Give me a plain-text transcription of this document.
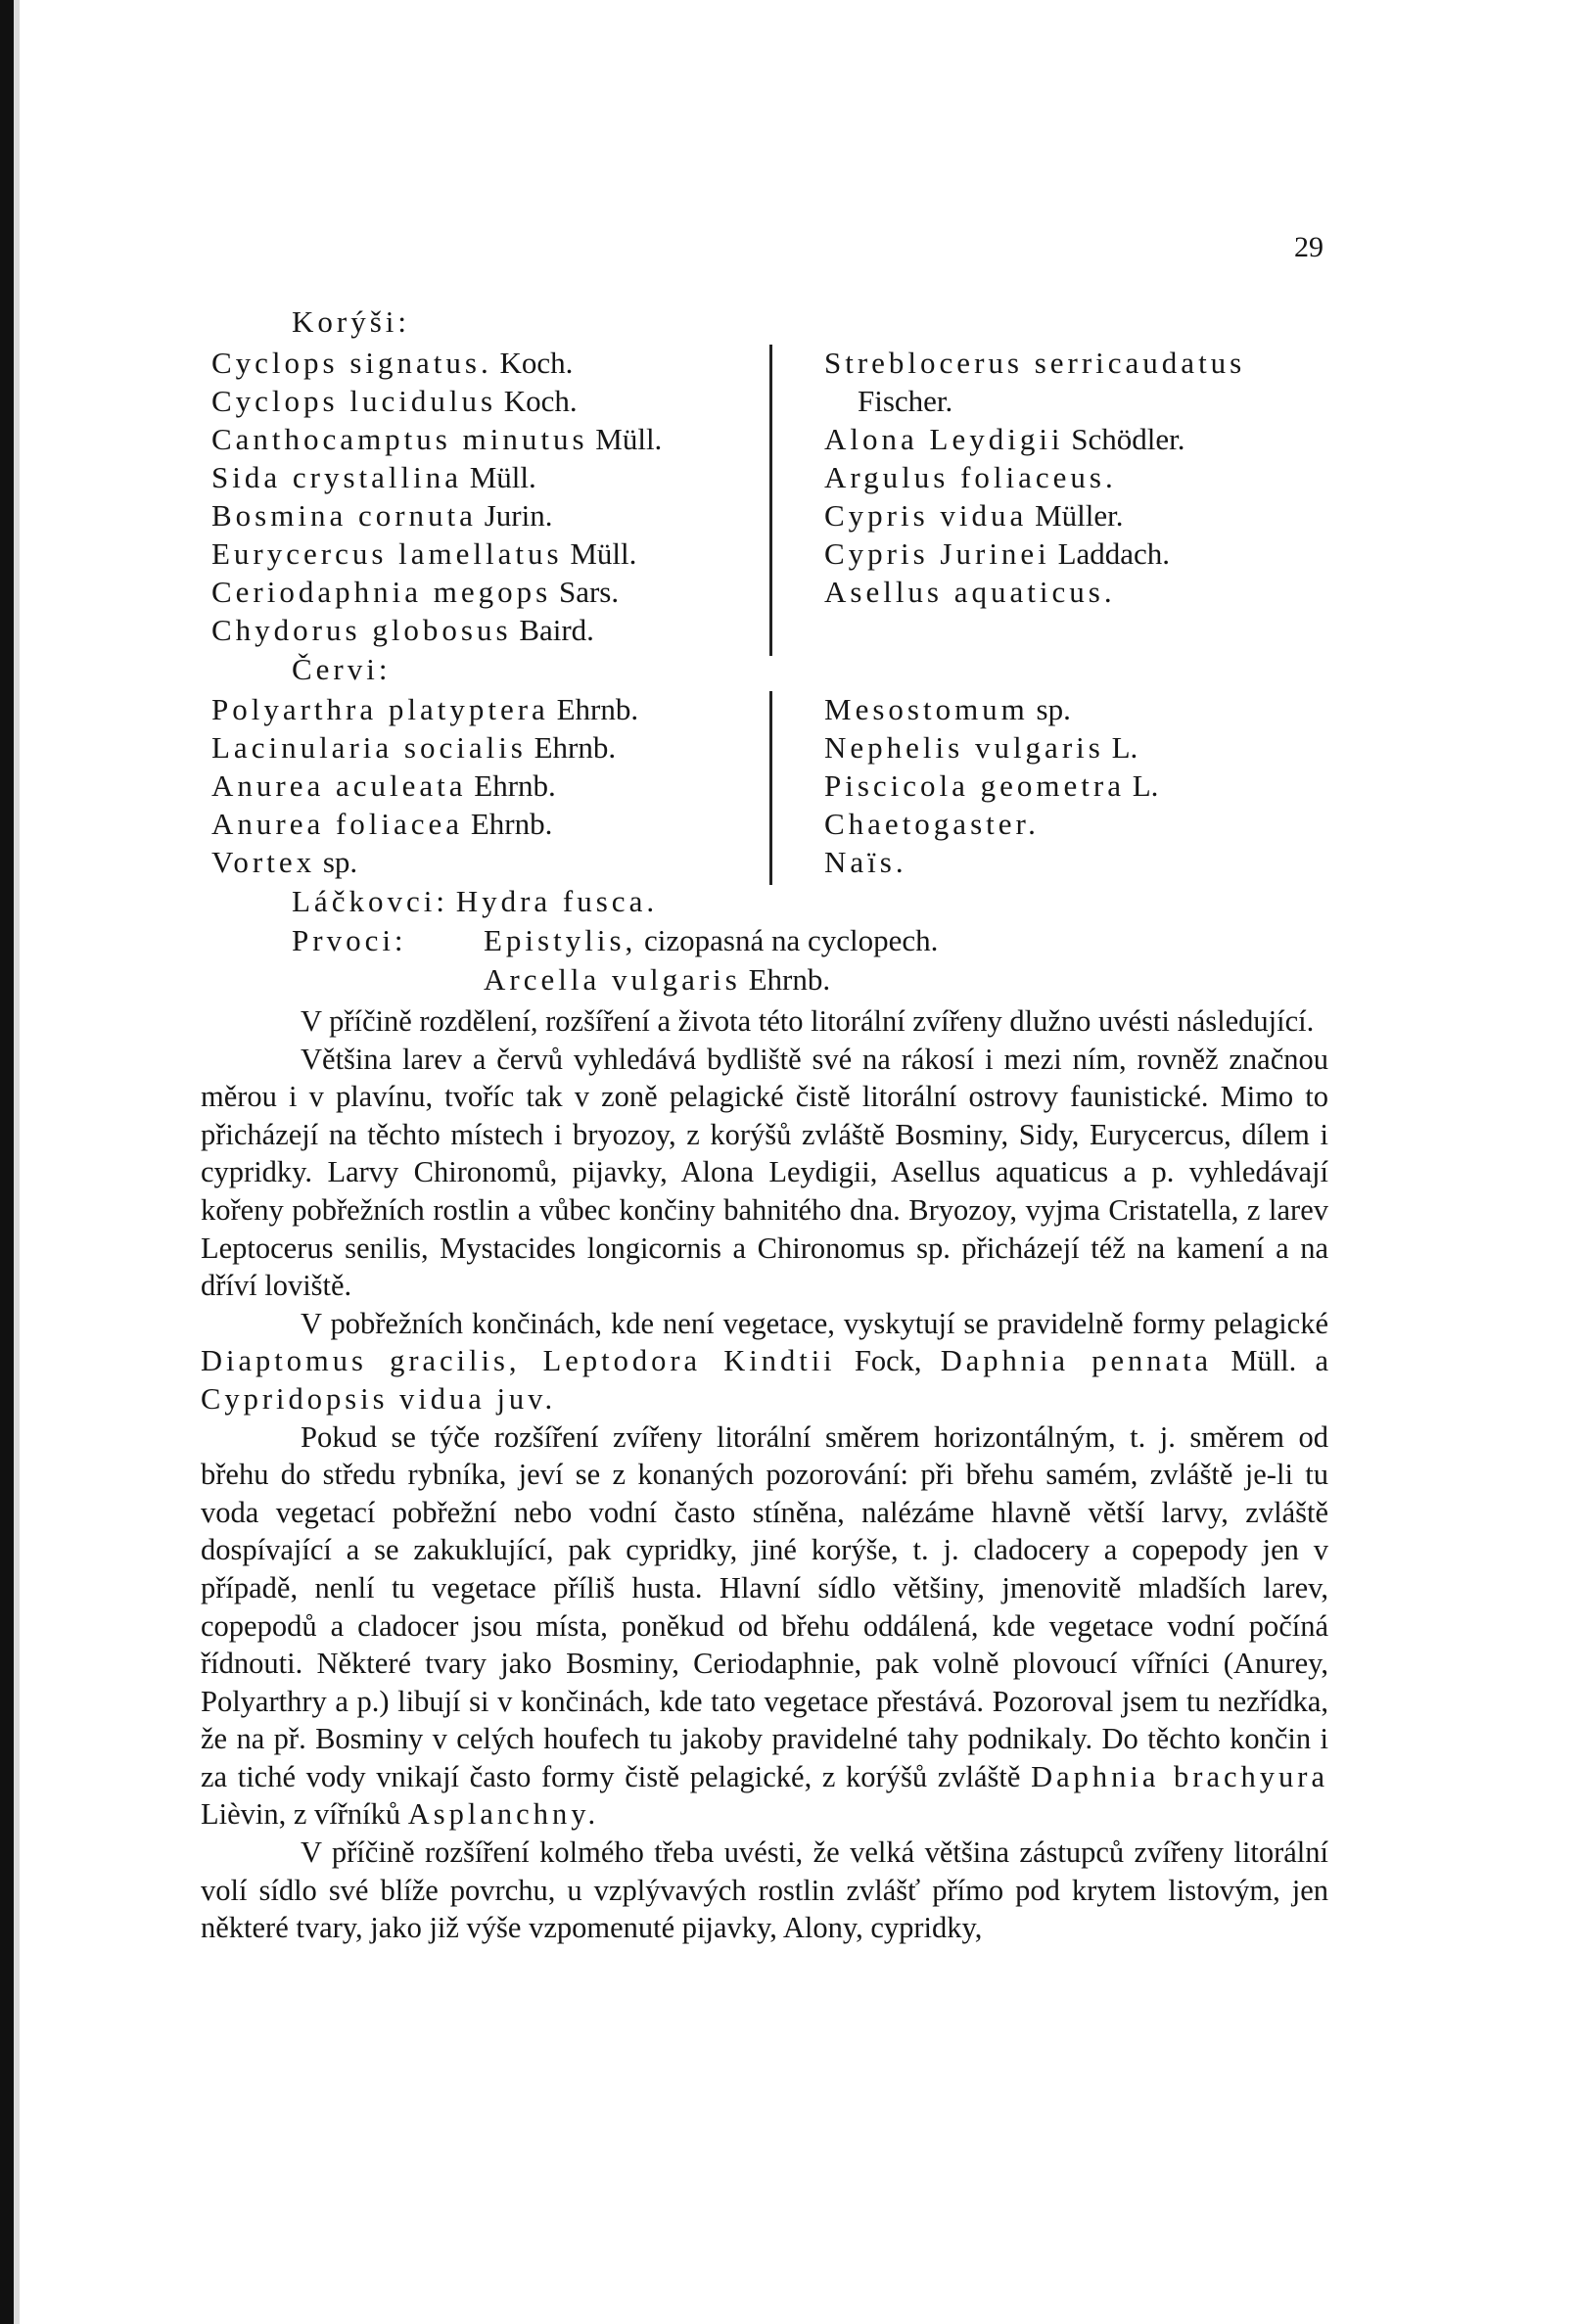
29
Korýši:
Cyclops signatus. Koch.
Cyclops lucidulus Koch.
Canthocamptus minutus Müll.
Sida crystallina Müll.
Bosmina cornuta Jurin.
Eurycercus lamellatus Müll.
Ceriodaphnia megops Sars.
Chydorus globosus Baird.
Streblocerus serricaudatus
Fischer.
Alona Leydigii Schödler.
Argulus foliaceus.
Cypris vidua Müller.
Cypris Jurinei Laddach.
Asellus aquaticus.
Červi:
Polyarthra platyptera Ehrnb.
Lacinularia socialis Ehrnb.
Anurea aculeata Ehrnb.
Anurea foliacea Ehrnb.
Vortex sp.
Mesostomum sp.
Nephelis vulgaris L.
Piscicola geometra L.
Chaetogaster.
Naïs.
Láčkovci: Hydra fusca.
Prvoci:	Epistylis, cizopasná na cyclopech.
Arcella vulgaris Ehrnb.

V příčině rozdělení, rozšíření a života této litorální zvířeny dlužno uvésti následující.

Většina larev a červů vyhledává bydliště své na rákosí i mezi ním, rovněž značnou měrou i v plavínu, tvoříc tak v zoně pelagické čistě litorální ostrovy faunistické. Mimo to přicházejí na těchto místech i bryozoy, z korýšů zvláště Bosminy, Sidy, Eurycercus, dílem i cypridky. Larvy Chironomů, pijavky, Alona Leydigii, Asellus aquaticus a p. vyhledávají kořeny pobřežních rostlin a vůbec končiny bahnitého dna. Bryozoy, vyjma Cristatella, z larev Leptocerus senilis, Mystacides longicornis a Chironomus sp. přicházejí též na kamení a na dříví loviště.

V pobřežních končinách, kde není vegetace, vyskytují se pravidelně formy pelagické Diaptomus gracilis, Leptodora Kindtii Fock, Daphnia pennata Müll. a Cypridopsis vidua juv.

Pokud se týče rozšíření zvířeny litorální směrem horizontálným, t. j. směrem od břehu do středu rybníka, jeví se z konaných pozorování: při břehu samém, zvláště je-li tu voda vegetací pobřežní nebo vodní často stíněna, nalézáme hlavně větší larvy, zvláště dospívající a se zakuklující, pak cypridky, jiné korýše, t. j. cladocery a copepody jen v případě, nenlí tu vegetace příliš husta. Hlavní sídlo většiny, jmenovitě mladších larev, copepodů a cladocer jsou místa, poněkud od břehu oddálená, kde vegetace vodní počíná řídnouti. Některé tvary jako Bosminy, Ceriodaphnie, pak volně plovoucí vířníci (Anurey, Polyarthry a p.) libují si v končinách, kde tato vegetace přestává. Pozoroval jsem tu nezřídka, že na př. Bosminy v celých houfech tu jakoby pravidelné tahy podnikaly. Do těchto končin i za tiché vody vnikají často formy čistě pelagické, z korýšů zvláště Daphnia brachyura Lièvin, z vířníků Asplanchny.

V příčině rozšíření kolmého třeba uvésti, že velká většina zástupců zvířeny litorální volí sídlo své blíže povrchu, u vzplývavých rostlin zvlášť přímo pod krytem listovým, jen některé tvary, jako již výše vzpomenuté pijavky, Alony, cypridky,
